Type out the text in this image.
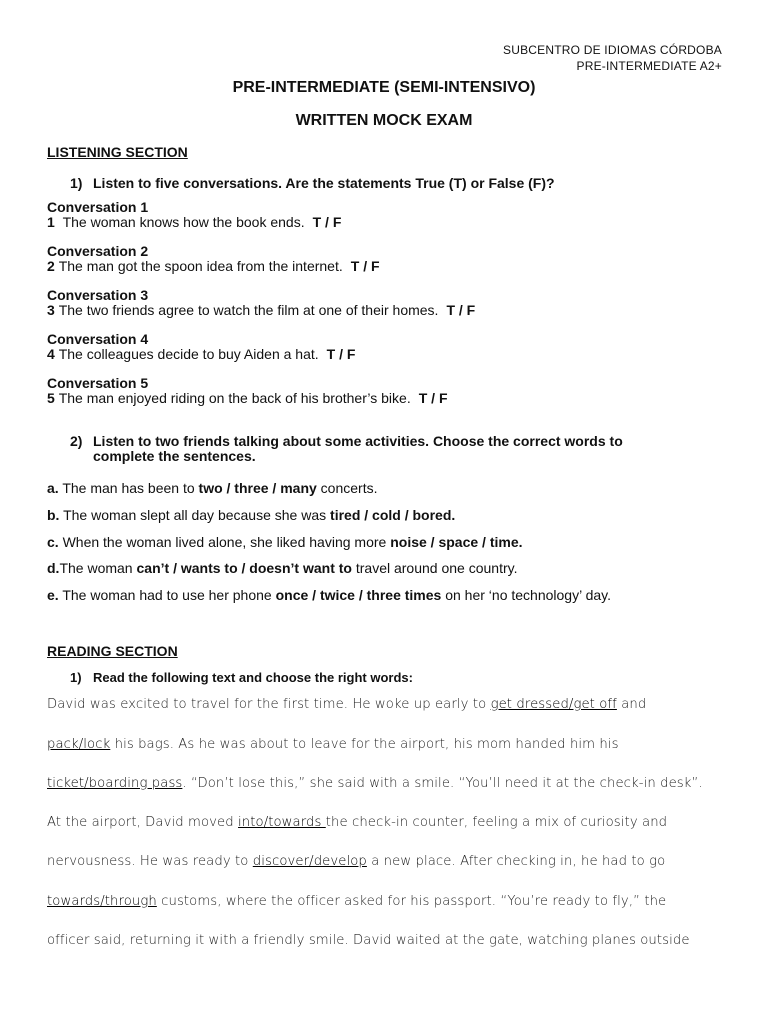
SUBCENTRO DE IDIOMAS CÓRDOBA
PRE-INTERMEDIATE A2+
PRE-INTERMEDIATE (SEMI-INTENSIVO)
WRITTEN MOCK EXAM
LISTENING SECTION
1) Listen to five conversations. Are the statements True (T) or False (F)?
Conversation 1
1 The woman knows how the book ends. T / F
Conversation 2
2 The man got the spoon idea from the internet. T / F
Conversation 3
3 The two friends agree to watch the film at one of their homes. T / F
Conversation 4
4 The colleagues decide to buy Aiden a hat. T / F
Conversation 5
5 The man enjoyed riding on the back of his brother’s bike. T / F
2) Listen to two friends talking about some activities. Choose the correct words to
complete the sentences.
a. The man has been to two / three / many concerts.
b. The woman slept all day because she was tired / cold / bored.
c. When the woman lived alone, she liked having more noise / space / time.
d.The woman can’t / wants to / doesn’t want to travel around one country.
e. The woman had to use her phone once / twice / three times on her ‘no technology’ day.
READING SECTION
1) Read the following text and choose the right words:
David was excited to travel for the first time. He woke up early to get dressed/get off and
pack/lock his bags. As he was about to leave for the airport, his mom handed him his
ticket/boarding pass. “Don’t lose this,” she said with a smile. “You’ll need it at the check-in desk”.
At the airport, David moved into/towards the check-in counter, feeling a mix of curiosity and
nervousness. He was ready to discover/develop a new place. After checking in, he had to go
towards/through customs, where the officer asked for his passport. “You’re ready to fly,” the
officer said, returning it with a friendly smile. David waited at the gate, watching planes outside
